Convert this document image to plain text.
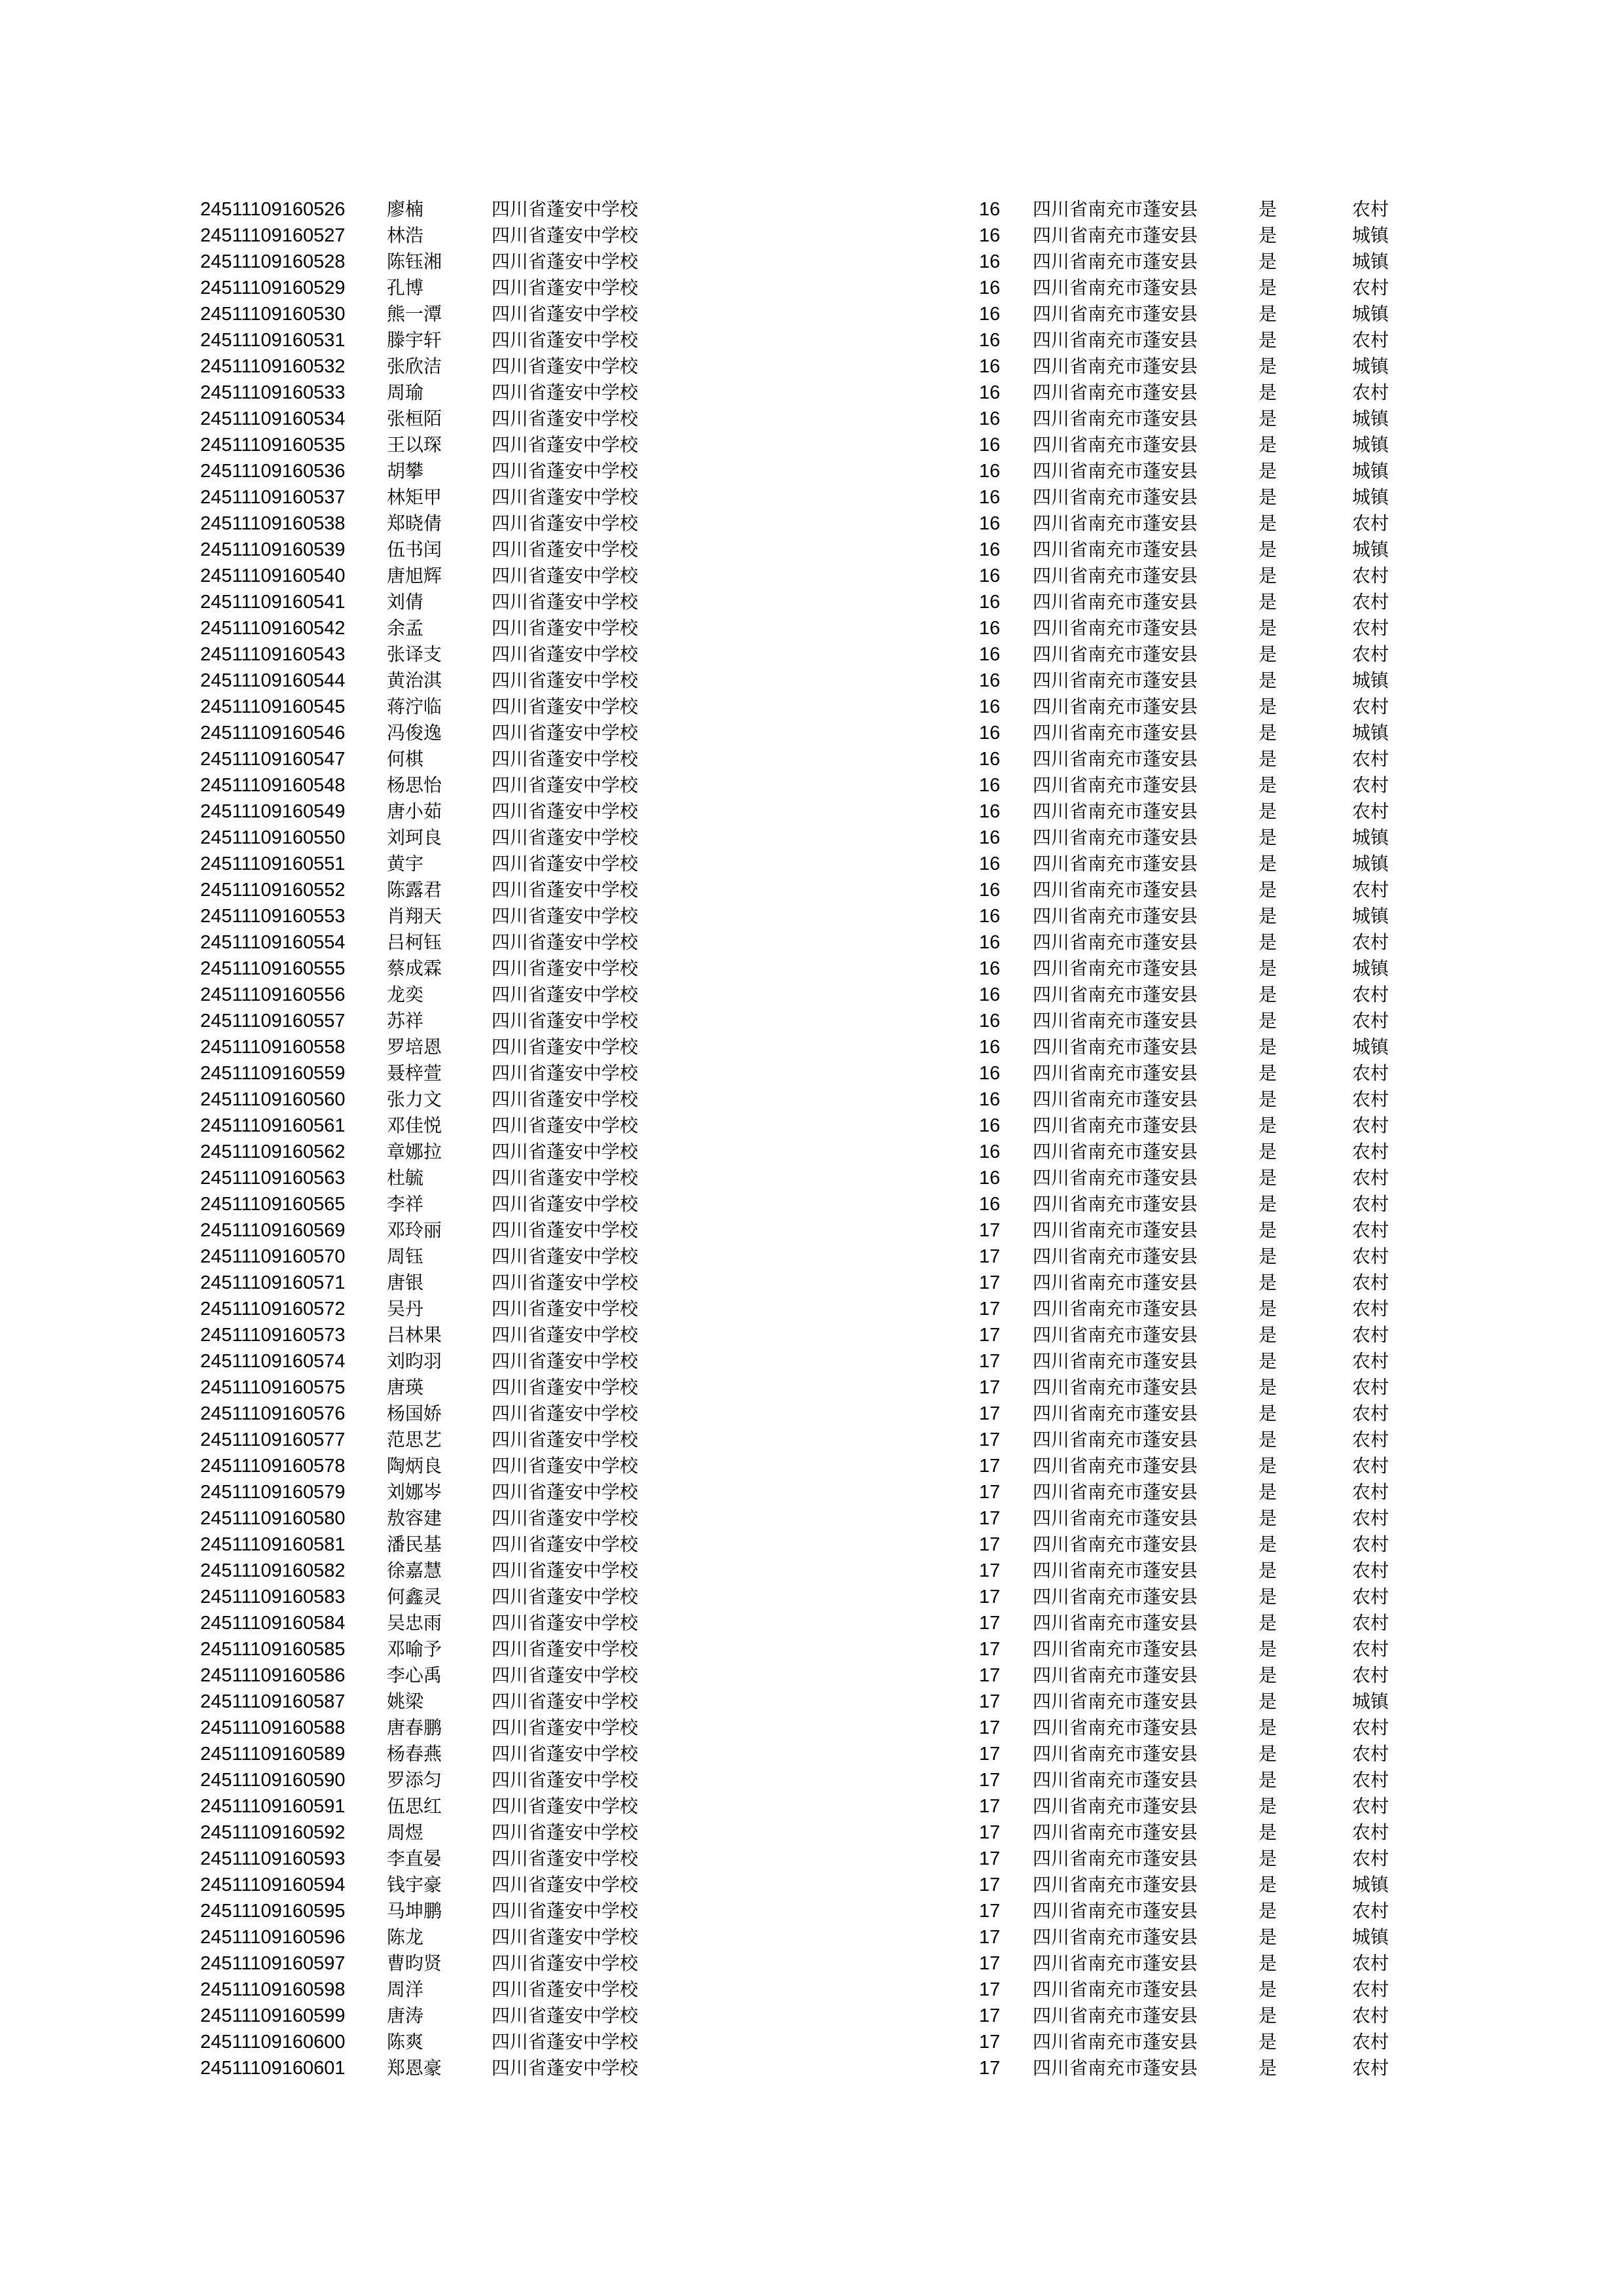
24511109160526	廖楠	四川省蓬安中学校	16	四川省南充市蓬安县	是	农村
24511109160527	林浩	四川省蓬安中学校	16	四川省南充市蓬安县	是	城镇
24511109160528	陈钰湘	四川省蓬安中学校	16	四川省南充市蓬安县	是	城镇
24511109160529	孔博	四川省蓬安中学校	16	四川省南充市蓬安县	是	农村
24511109160530	熊一潭	四川省蓬安中学校	16	四川省南充市蓬安县	是	城镇
24511109160531	滕宇轩	四川省蓬安中学校	16	四川省南充市蓬安县	是	农村
24511109160532	张欣洁	四川省蓬安中学校	16	四川省南充市蓬安县	是	城镇
24511109160533	周瑜	四川省蓬安中学校	16	四川省南充市蓬安县	是	农村
24511109160534	张桓陌	四川省蓬安中学校	16	四川省南充市蓬安县	是	城镇
24511109160535	王以琛	四川省蓬安中学校	16	四川省南充市蓬安县	是	城镇
24511109160536	胡攀	四川省蓬安中学校	16	四川省南充市蓬安县	是	城镇
24511109160537	林矩甲	四川省蓬安中学校	16	四川省南充市蓬安县	是	城镇
24511109160538	郑晓倩	四川省蓬安中学校	16	四川省南充市蓬安县	是	农村
24511109160539	伍书闰	四川省蓬安中学校	16	四川省南充市蓬安县	是	城镇
24511109160540	唐旭辉	四川省蓬安中学校	16	四川省南充市蓬安县	是	农村
24511109160541	刘倩	四川省蓬安中学校	16	四川省南充市蓬安县	是	农村
24511109160542	余孟	四川省蓬安中学校	16	四川省南充市蓬安县	是	农村
24511109160543	张译支	四川省蓬安中学校	16	四川省南充市蓬安县	是	农村
24511109160544	黄治淇	四川省蓬安中学校	16	四川省南充市蓬安县	是	城镇
24511109160545	蒋泞临	四川省蓬安中学校	16	四川省南充市蓬安县	是	农村
24511109160546	冯俊逸	四川省蓬安中学校	16	四川省南充市蓬安县	是	城镇
24511109160547	何棋	四川省蓬安中学校	16	四川省南充市蓬安县	是	农村
24511109160548	杨思怡	四川省蓬安中学校	16	四川省南充市蓬安县	是	农村
24511109160549	唐小茹	四川省蓬安中学校	16	四川省南充市蓬安县	是	农村
24511109160550	刘珂良	四川省蓬安中学校	16	四川省南充市蓬安县	是	城镇
24511109160551	黄宇	四川省蓬安中学校	16	四川省南充市蓬安县	是	城镇
24511109160552	陈露君	四川省蓬安中学校	16	四川省南充市蓬安县	是	农村
24511109160553	肖翔天	四川省蓬安中学校	16	四川省南充市蓬安县	是	城镇
24511109160554	吕柯钰	四川省蓬安中学校	16	四川省南充市蓬安县	是	农村
24511109160555	蔡成霖	四川省蓬安中学校	16	四川省南充市蓬安县	是	城镇
24511109160556	龙奕	四川省蓬安中学校	16	四川省南充市蓬安县	是	农村
24511109160557	苏祥	四川省蓬安中学校	16	四川省南充市蓬安县	是	农村
24511109160558	罗培恩	四川省蓬安中学校	16	四川省南充市蓬安县	是	城镇
24511109160559	聂梓萱	四川省蓬安中学校	16	四川省南充市蓬安县	是	农村
24511109160560	张力文	四川省蓬安中学校	16	四川省南充市蓬安县	是	农村
24511109160561	邓佳悦	四川省蓬安中学校	16	四川省南充市蓬安县	是	农村
24511109160562	章娜拉	四川省蓬安中学校	16	四川省南充市蓬安县	是	农村
24511109160563	杜毓	四川省蓬安中学校	16	四川省南充市蓬安县	是	农村
24511109160565	李祥	四川省蓬安中学校	16	四川省南充市蓬安县	是	农村
24511109160569	邓玲丽	四川省蓬安中学校	17	四川省南充市蓬安县	是	农村
24511109160570	周钰	四川省蓬安中学校	17	四川省南充市蓬安县	是	农村
24511109160571	唐银	四川省蓬安中学校	17	四川省南充市蓬安县	是	农村
24511109160572	吴丹	四川省蓬安中学校	17	四川省南充市蓬安县	是	农村
24511109160573	吕林果	四川省蓬安中学校	17	四川省南充市蓬安县	是	农村
24511109160574	刘昀羽	四川省蓬安中学校	17	四川省南充市蓬安县	是	农村
24511109160575	唐瑛	四川省蓬安中学校	17	四川省南充市蓬安县	是	农村
24511109160576	杨国娇	四川省蓬安中学校	17	四川省南充市蓬安县	是	农村
24511109160577	范思艺	四川省蓬安中学校	17	四川省南充市蓬安县	是	农村
24511109160578	陶炳良	四川省蓬安中学校	17	四川省南充市蓬安县	是	农村
24511109160579	刘娜岑	四川省蓬安中学校	17	四川省南充市蓬安县	是	农村
24511109160580	敖容建	四川省蓬安中学校	17	四川省南充市蓬安县	是	农村
24511109160581	潘民基	四川省蓬安中学校	17	四川省南充市蓬安县	是	农村
24511109160582	徐嘉慧	四川省蓬安中学校	17	四川省南充市蓬安县	是	农村
24511109160583	何鑫灵	四川省蓬安中学校	17	四川省南充市蓬安县	是	农村
24511109160584	吴忠雨	四川省蓬安中学校	17	四川省南充市蓬安县	是	农村
24511109160585	邓喻予	四川省蓬安中学校	17	四川省南充市蓬安县	是	农村
24511109160586	李心禹	四川省蓬安中学校	17	四川省南充市蓬安县	是	农村
24511109160587	姚梁	四川省蓬安中学校	17	四川省南充市蓬安县	是	城镇
24511109160588	唐春鹏	四川省蓬安中学校	17	四川省南充市蓬安县	是	农村
24511109160589	杨春燕	四川省蓬安中学校	17	四川省南充市蓬安县	是	农村
24511109160590	罗添匀	四川省蓬安中学校	17	四川省南充市蓬安县	是	农村
24511109160591	伍思红	四川省蓬安中学校	17	四川省南充市蓬安县	是	农村
24511109160592	周煜	四川省蓬安中学校	17	四川省南充市蓬安县	是	农村
24511109160593	李直晏	四川省蓬安中学校	17	四川省南充市蓬安县	是	农村
24511109160594	钱宇豪	四川省蓬安中学校	17	四川省南充市蓬安县	是	城镇
24511109160595	马坤鹏	四川省蓬安中学校	17	四川省南充市蓬安县	是	农村
24511109160596	陈龙	四川省蓬安中学校	17	四川省南充市蓬安县	是	城镇
24511109160597	曹昀贤	四川省蓬安中学校	17	四川省南充市蓬安县	是	农村
24511109160598	周洋	四川省蓬安中学校	17	四川省南充市蓬安县	是	农村
24511109160599	唐涛	四川省蓬安中学校	17	四川省南充市蓬安县	是	农村
24511109160600	陈爽	四川省蓬安中学校	17	四川省南充市蓬安县	是	农村
24511109160601	郑恩豪	四川省蓬安中学校	17	四川省南充市蓬安县	是	农村
